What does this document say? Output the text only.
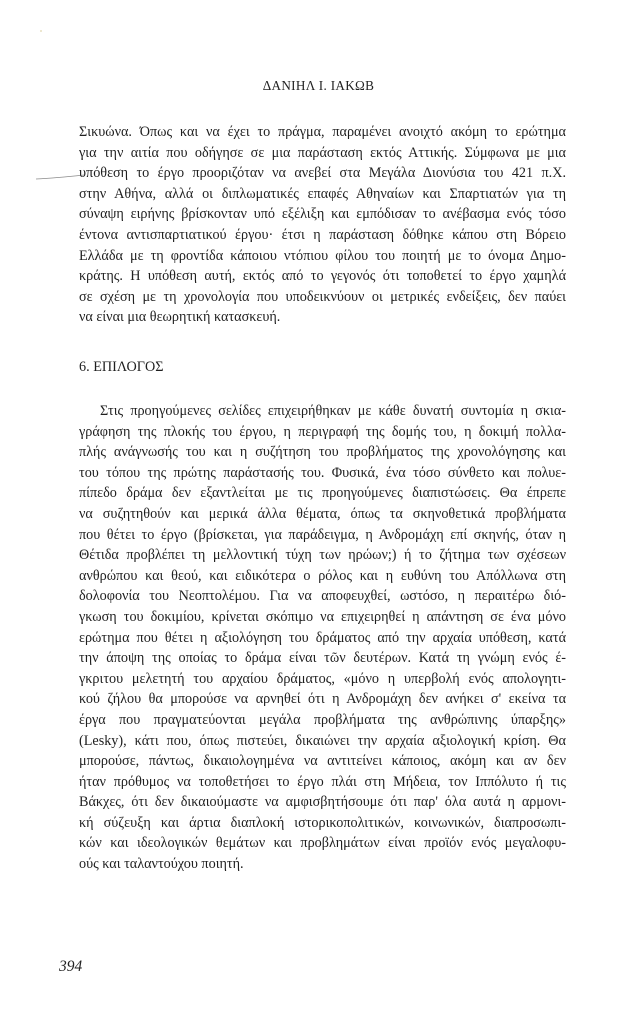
ΔΑΝΙΗΛ Ι. ΙΑΚΩΒ
Σικυώνα. Όπως και να έχει το πράγμα, παραμένει ανοιχτό ακόμη το ερώτημα
για την αιτία που οδήγησε σε μια παράσταση εκτός Αττικής. Σύμφωνα με μια
υπόθεση το έργο προοριζόταν να ανεβεί στα Μεγάλα Διονύσια του 421 π.Χ.
στην Αθήνα, αλλά οι διπλωματικές επαφές Αθηναίων και Σπαρτιατών για τη
σύναψη ειρήνης βρίσκονταν υπό εξέλιξη και εμπόδισαν το ανέβασμα ενός τόσο
έντονα αντισπαρτιατικού έργου· έτσι η παράσταση δόθηκε κάπου στη Βόρειο
Ελλάδα με τη φροντίδα κάποιου ντόπιου φίλου του ποιητή με το όνομα Δημο-
κράτης. Η υπόθεση αυτή, εκτός από το γεγονός ότι τοποθετεί το έργο χαμηλά
σε σχέση με τη χρονολογία που υποδεικνύουν οι μετρικές ενδείξεις, δεν παύει
να είναι μια θεωρητική κατασκευή.
6. ΕΠΙΛΟΓΟΣ
Στις προηγούμενες σελίδες επιχειρήθηκαν με κάθε δυνατή συντομία η σκια-
γράφηση της πλοκής του έργου, η περιγραφή της δομής του, η δοκιμή πολλα-
πλής ανάγνωσής του και η συζήτηση του προβλήματος της χρονολόγησης και
του τόπου της πρώτης παράστασής του. Φυσικά, ένα τόσο σύνθετο και πολυε-
πίπεδο δράμα δεν εξαντλείται με τις προηγούμενες διαπιστώσεις. Θα έπρεπε
να συζητηθούν και μερικά άλλα θέματα, όπως τα σκηνοθετικά προβλήματα
που θέτει το έργο (βρίσκεται, για παράδειγμα, η Ανδρομάχη επί σκηνής, όταν η
Θέτιδα προβλέπει τη μελλοντική τύχη των ηρώων;) ή το ζήτημα των σχέσεων
ανθρώπου και θεού, και ειδικότερα ο ρόλος και η ευθύνη του Απόλλωνα στη
δολοφονία του Νεοπτολέμου. Για να αποφευχθεί, ωστόσο, η περαιτέρω διό-
γκωση του δοκιμίου, κρίνεται σκόπιμο να επιχειρηθεί η απάντηση σε ένα μόνο
ερώτημα που θέτει η αξιολόγηση του δράματος από την αρχαία υπόθεση, κατά
την άποψη της οποίας το δράμα είναι τῶν δευτέρων. Κατά τη γνώμη ενός έ-
γκριτου μελετητή του αρχαίου δράματος, «μόνο η υπερβολή ενός απολογητι-
κού ζήλου θα μπορούσε να αρνηθεί ότι η Ανδρομάχη δεν ανήκει σ' εκείνα τα
έργα που πραγματεύονται μεγάλα προβλήματα της ανθρώπινης ύπαρξης»
(Lesky), κάτι που, όπως πιστεύει, δικαιώνει την αρχαία αξιολογική κρίση. Θα
μπορούσε, πάντως, δικαιολογημένα να αντιτείνει κάποιος, ακόμη και αν δεν
ήταν πρόθυμος να τοποθετήσει το έργο πλάι στη Μήδεια, τον Ιππόλυτο ή τις
Βάκχες, ότι δεν δικαιούμαστε να αμφισβητήσουμε ότι παρ' όλα αυτά η αρμονι-
κή σύζευξη και άρτια διαπλοκή ιστορικοπολιτικών, κοινωνικών, διαπροσωπι-
κών και ιδεολογικών θεμάτων και προβλημάτων είναι προϊόν ενός μεγαλοφυ-
ούς και ταλαντούχου ποιητή.
394
